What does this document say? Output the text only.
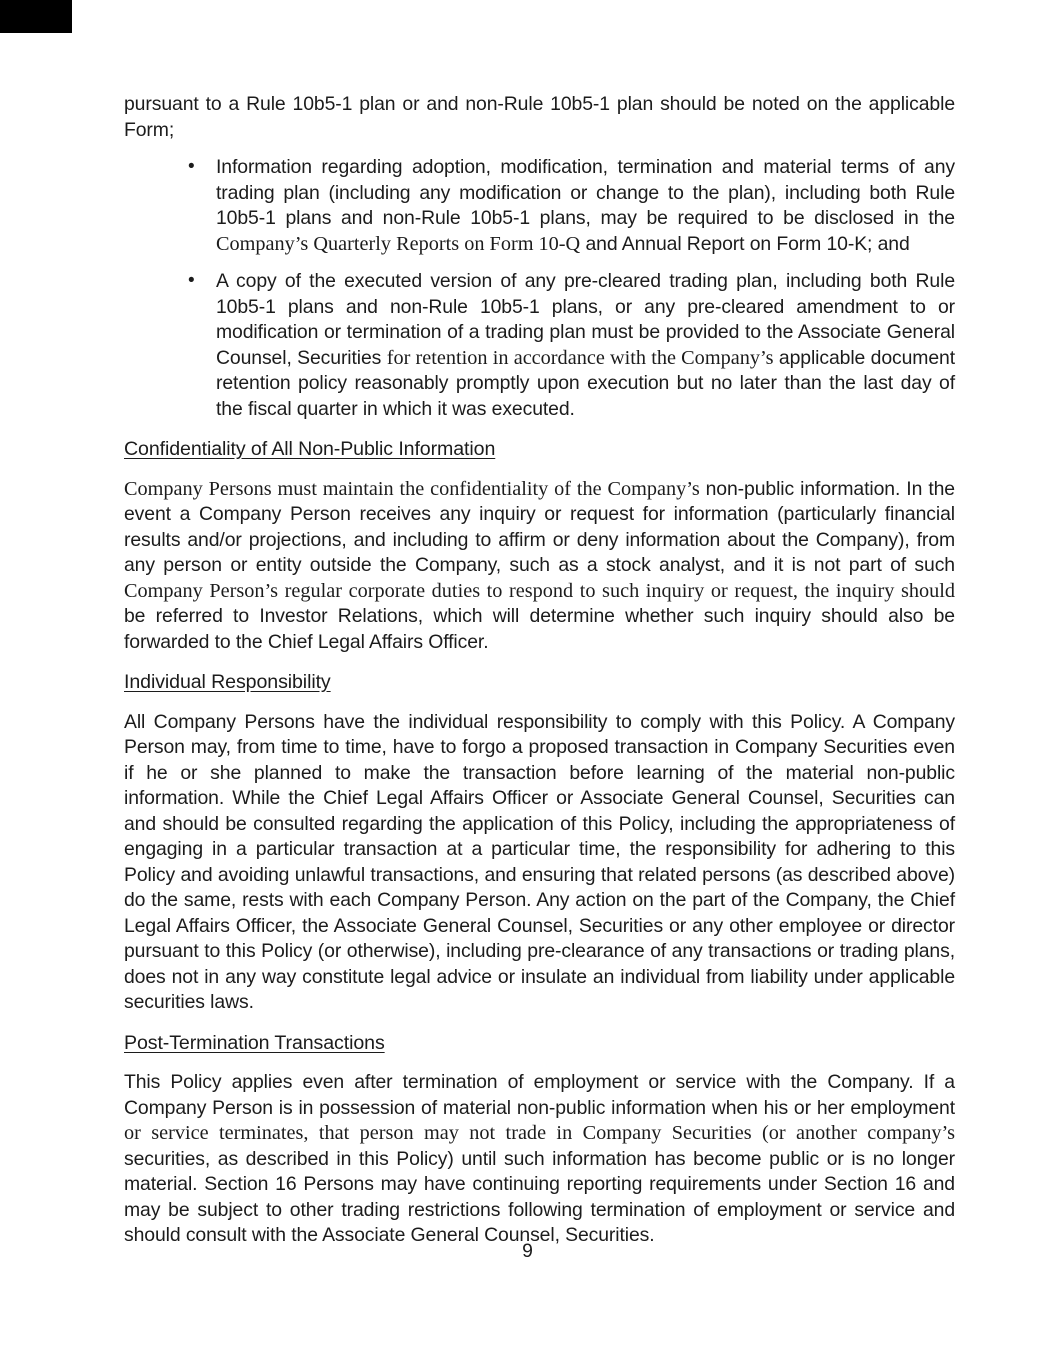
pursuant to a Rule 10b5-1 plan or and non-Rule 10b5-1 plan should be noted on the applicable Form;

• Information regarding adoption, modification, termination and material terms of any trading plan (including any modification or change to the plan), including both Rule 10b5-1 plans and non-Rule 10b5-1 plans, may be required to be disclosed in the Company’s Quarterly Reports on Form 10-Q and Annual Report on Form 10-K; and

• A copy of the executed version of any pre-cleared trading plan, including both Rule 10b5-1 plans and non-Rule 10b5-1 plans, or any pre-cleared amendment to or modification or termination of a trading plan must be provided to the Associate General Counsel, Securities for retention in accordance with the Company’s applicable document retention policy reasonably promptly upon execution but no later than the last day of the fiscal quarter in which it was executed.

Confidentiality of All Non-Public Information

Company Persons must maintain the confidentiality of the Company’s non-public information. In the event a Company Person receives any inquiry or request for information (particularly financial results and/or projections, and including to affirm or deny information about the Company), from any person or entity outside the Company, such as a stock analyst, and it is not part of such Company Person’s regular corporate duties to respond to such inquiry or request, the inquiry should be referred to Investor Relations, which will determine whether such inquiry should also be forwarded to the Chief Legal Affairs Officer.

Individual Responsibility

All Company Persons have the individual responsibility to comply with this Policy. A Company Person may, from time to time, have to forgo a proposed transaction in Company Securities even if he or she planned to make the transaction before learning of the material non-public information. While the Chief Legal Affairs Officer or Associate General Counsel, Securities can and should be consulted regarding the application of this Policy, including the appropriateness of engaging in a particular transaction at a particular time, the responsibility for adhering to this Policy and avoiding unlawful transactions, and ensuring that related persons (as described above) do the same, rests with each Company Person. Any action on the part of the Company, the Chief Legal Affairs Officer, the Associate General Counsel, Securities or any other employee or director pursuant to this Policy (or otherwise), including pre-clearance of any transactions or trading plans, does not in any way constitute legal advice or insulate an individual from liability under applicable securities laws.

Post-Termination Transactions

This Policy applies even after termination of employment or service with the Company. If a Company Person is in possession of material non-public information when his or her employment or service terminates, that person may not trade in Company Securities (or another company’s securities, as described in this Policy) until such information has become public or is no longer material. Section 16 Persons may have continuing reporting requirements under Section 16 and may be subject to other trading restrictions following termination of employment or service and should consult with the Associate General Counsel, Securities.

9
